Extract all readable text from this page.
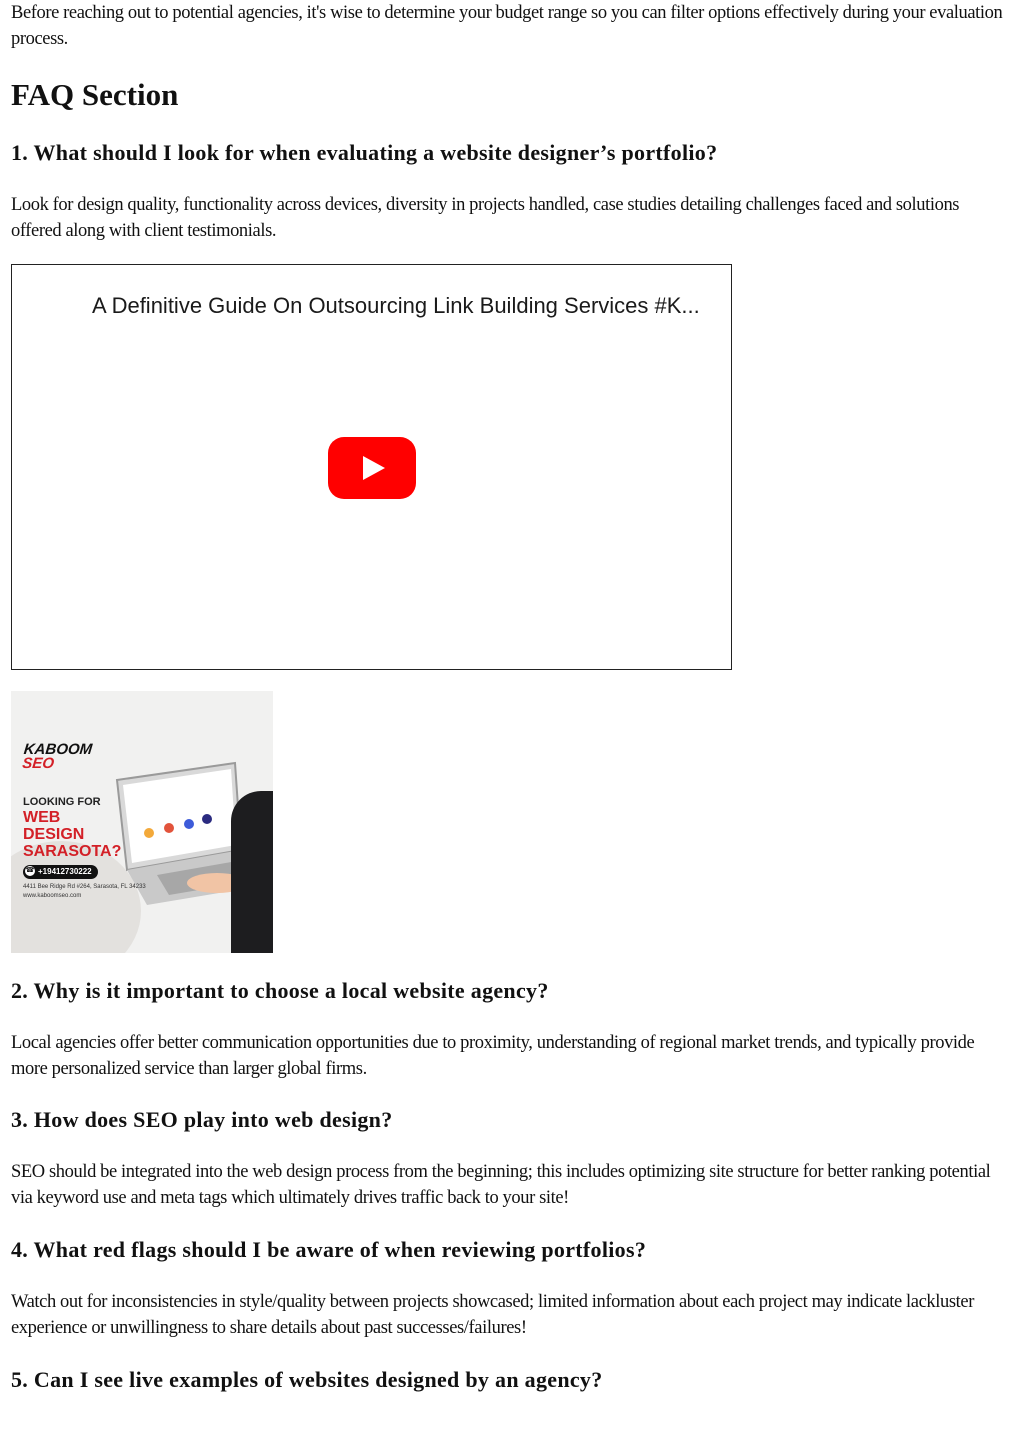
Before reaching out to potential agencies, it's wise to determine your budget range so you can filter options effectively during your evaluation process.

FAQ Section
1. What should I look for when evaluating a website designer’s portfolio?

Look for design quality, functionality across devices, diversity in projects handled, case studies detailing challenges faced and solutions offered along with client testimonials.

A Definitive Guide On Outsourcing Link Building Services #K...
KABOOM
SEO
LOOKING FOR
WEB
DESIGN
SARASOTA?
☎ +19412730222
4411 Bee Ridge Rd #264, Sarasota, FL 34233
www.kaboomseo.com
2. Why is it important to choose a local website agency?

Local agencies offer better communication opportunities due to proximity, understanding of regional market trends, and typically provide more personalized service than larger global firms.

3. How does SEO play into web design?

SEO should be integrated into the web design process from the beginning; this includes optimizing site structure for better ranking potential via keyword use and meta tags which ultimately drives traffic back to your site!

4. What red flags should I be aware of when reviewing portfolios?

Watch out for inconsistencies in style/quality between projects showcased; limited information about each project may indicate lackluster experience or unwillingness to share details about past successes/failures!

5. Can I see live examples of websites designed by an agency?
